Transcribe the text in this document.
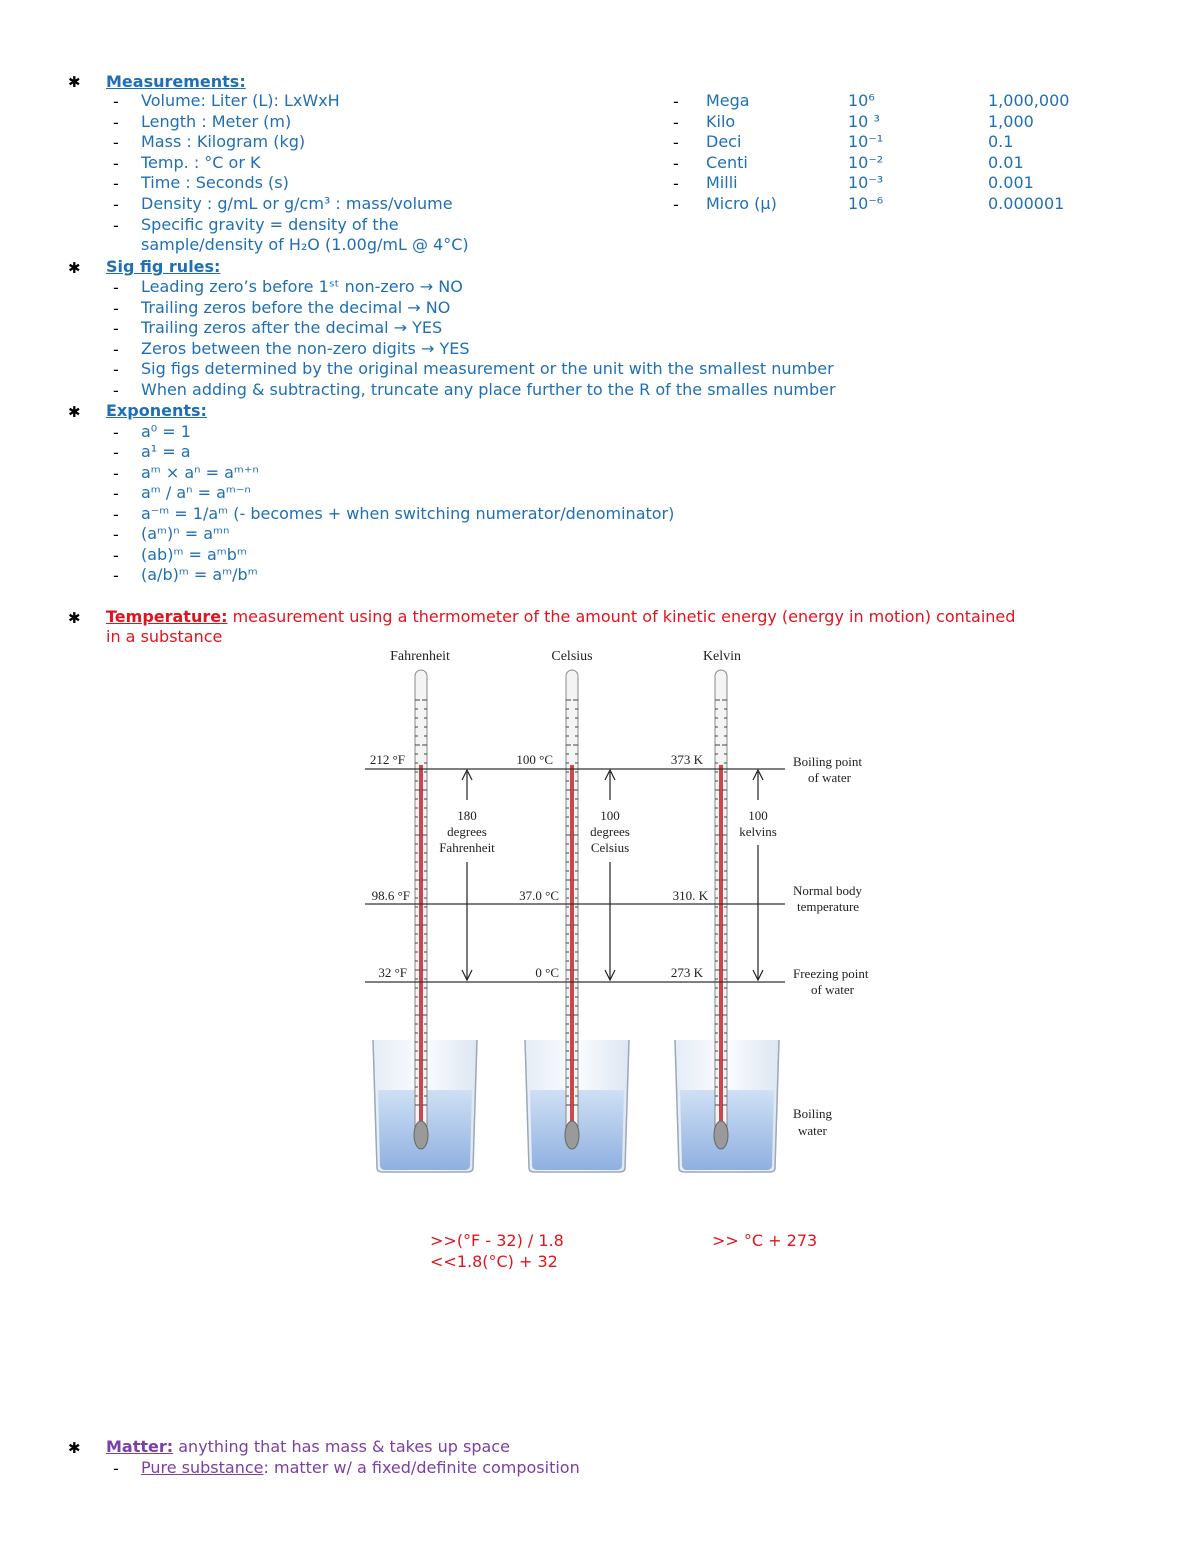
✱ Measurements:
- Volume: Liter (L): LxWxH
- Length : Meter (m)
- Mass : Kilogram (kg)
- Temp. : °C or K
- Time : Seconds (s)
- Density : g/mL or g/cm³ : mass/volume
- Specific gravity = density of the
sample/density of H₂O (1.00g/mL @ 4°C)
- Mega	10⁶	1,000,000
- Kilo	10 ³	1,000
- Deci	10⁻¹	0.1
- Centi	10⁻²	0.01
- Milli	10⁻³	0.001
- Micro (μ)	10⁻⁶	0.000001
✱ Sig fig rules:
- Leading zero’s before 1ˢᵗ non-zero → NO
- Trailing zeros before the decimal → NO
- Trailing zeros after the decimal → YES
- Zeros between the non-zero digits → YES
- Sig figs determined by the original measurement or the unit with the smallest number
- When adding & subtracting, truncate any place further to the R of the smalles number
✱ Exponents:
- a⁰ = 1
- a¹ = a
- aᵐ × aⁿ = aᵐ⁺ⁿ
- aᵐ / aⁿ = aᵐ⁻ⁿ
- a⁻ᵐ = 1/aᵐ (- becomes + when switching numerator/denominator)
- (aᵐ)ⁿ = aᵐⁿ
- (ab)ᵐ = aᵐbᵐ
- (a/b)ᵐ = aᵐ/bᵐ
✱ Temperature: measurement using a thermometer of the amount of kinetic energy (energy in motion) contained
in a substance
Fahrenheit	Celsius	Kelvin
212 °F
98.6 °F
32 °F
100 °C
37.0 °C
0 °C
373 K
310. K
273 K
180
degrees
Fahrenheit
100
degrees
Celsius
100
kelvins
Boiling point
of water
Normal body
temperature
Freezing point
of water
Boiling
water
>>(°F - 32) / 1.8
<<1.8(°C) + 32
>> °C + 273
✱ Matter: anything that has mass & takes up space
- Pure substance: matter w/ a fixed/definite composition
